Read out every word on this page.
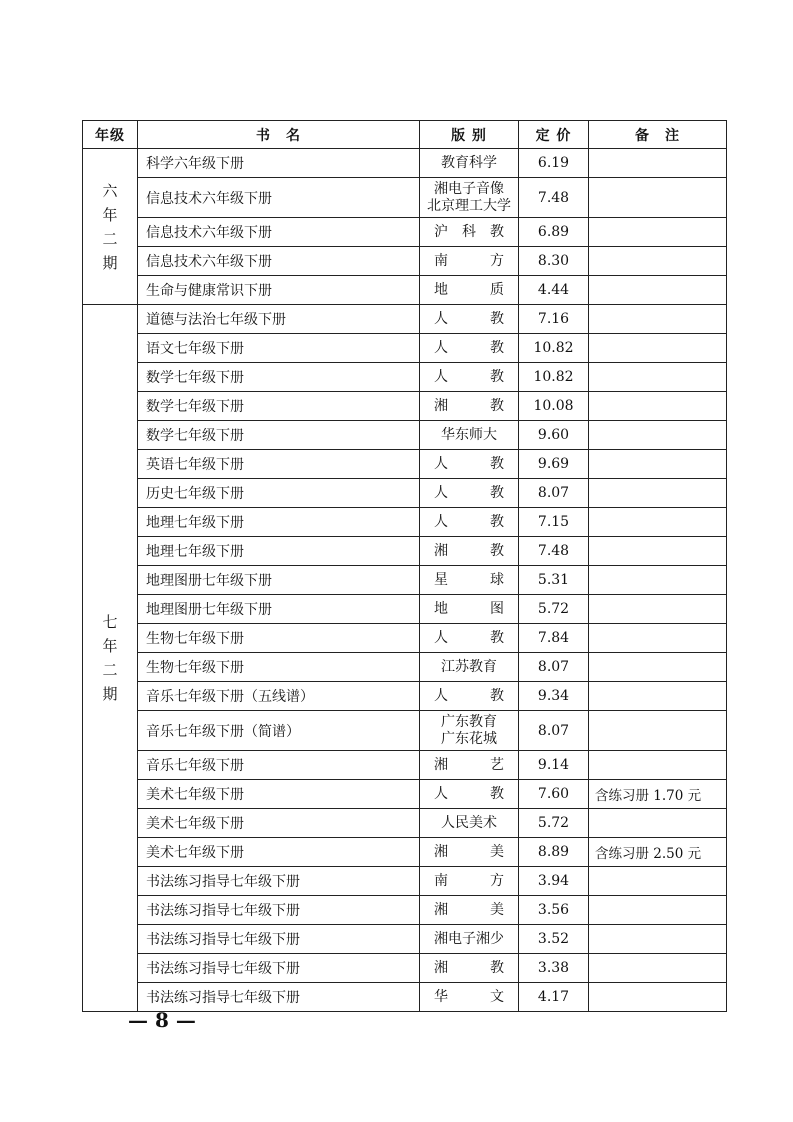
年级	书　名	版 别	定 价	备　注

六
年
二
期	科学六年级下册	教育科学	6.19	
	信息技术六年级下册	湘电子音像
北京理工大学	7.48	
	信息技术六年级下册	沪　科　教	6.89	
	信息技术六年级下册	南　　　方	8.30	
	生命与健康常识下册	地　　　质	4.44	

七
年
二
期	道德与法治七年级下册	人　　　教	7.16	
	语文七年级下册	人　　　教	10.82	
	数学七年级下册	人　　　教	10.82	
	数学七年级下册	湘　　　教	10.08	
	数学七年级下册	华东师大	9.60	
	英语七年级下册	人　　　教	9.69	
	历史七年级下册	人　　　教	8.07	
	地理七年级下册	人　　　教	7.15	
	地理七年级下册	湘　　　教	7.48	
	地理图册七年级下册	星　　　球	5.31	
	地理图册七年级下册	地　　　图	5.72	
	生物七年级下册	人　　　教	7.84	
	生物七年级下册	江苏教育	8.07	
	音乐七年级下册（五线谱）	人　　　教	9.34	
	音乐七年级下册（简谱）	广东教育
广东花城	8.07	
	音乐七年级下册	湘　　　艺	9.14	
	美术七年级下册	人　　　教	7.60	含练习册 1.70 元
	美术七年级下册	人民美术	5.72	
	美术七年级下册	湘　　　美	8.89	含练习册 2.50 元
	书法练习指导七年级下册	南　　　方	3.94	
	书法练习指导七年级下册	湘　　　美	3.56	
	书法练习指导七年级下册	湘电子湘少	3.52	
	书法练习指导七年级下册	湘　　　教	3.38	
	书法练习指导七年级下册	华　　　文	4.17	
— 8 —
